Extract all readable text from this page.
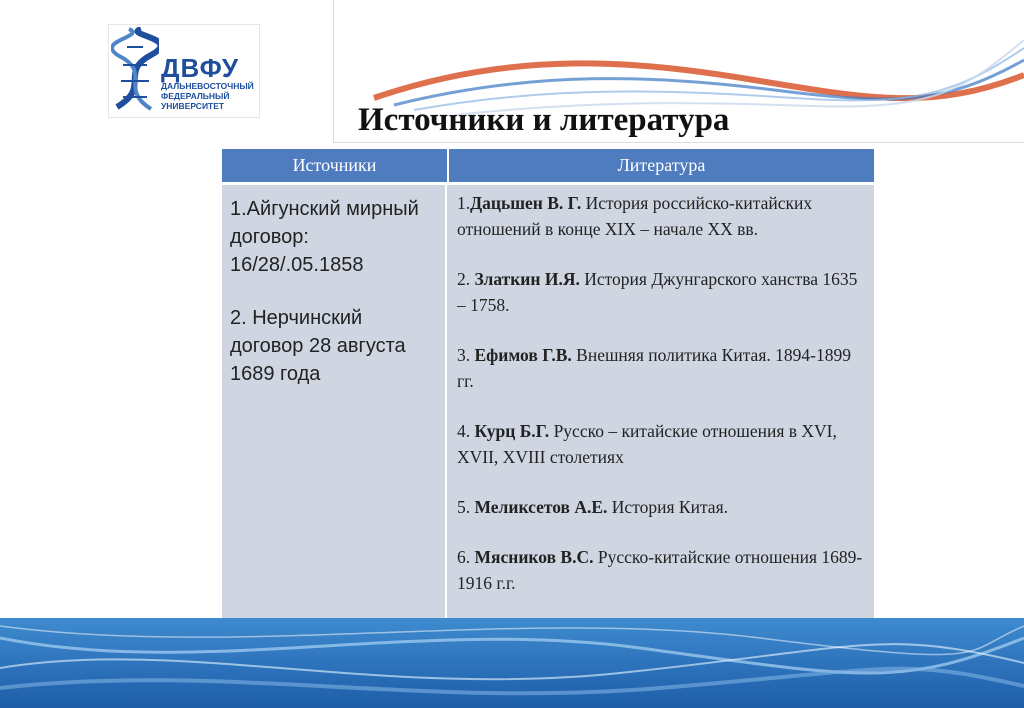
ДВФУ
ДАЛЬНЕВОСТОЧНЫЙ
ФЕДЕРАЛЬНЫЙ
УНИВЕРСИТЕТ	Источники и литература
Источники	Литература

1.Айгунский мирный договор: 16/28/.05.1858

2. Нерчинский договор 28 августа 1689 года

1.Дацьшен В. Г. История российско-китайских отношений в конце XIX – начале XX вв.

2. Златкин И.Я. История Джунгарского ханства 1635 – 1758.

3. Ефимов Г.В. Внешняя политика Китая. 1894-1899 гг.

4. Курц Б.Г. Русско – китайские отношения в XVI, XVII, XVIII столетиях

5. Меликсетов А.Е. История Китая.

6. Мясников В.С. Русско-китайские отношения 1689-1916 г.г.
